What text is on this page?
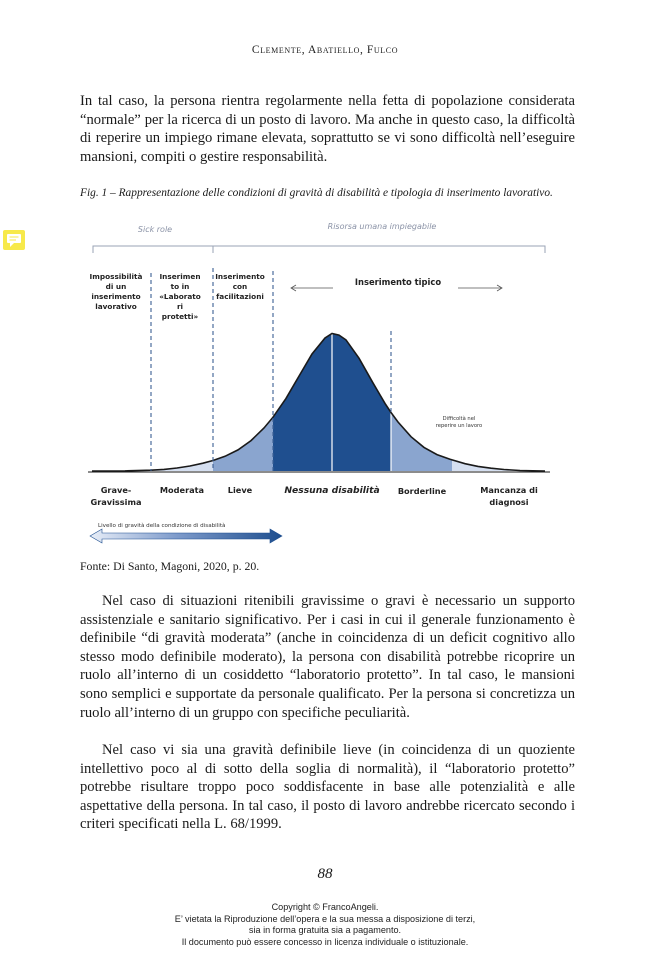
Clemente, Abatiello, Fulco
In tal caso, la persona rientra regolarmente nella fetta di popolazione considerata “normale” per la ricerca di un posto di lavoro. Ma anche in questo caso, la difficoltà di reperire un impiego rimane elevata, soprattutto se vi sono difficoltà nell’eseguire mansioni, compiti o gestire responsabilità.
Fig. 1 – Rappresentazione delle condizioni di gravità di disabilità e tipologia di inserimento lavorativo.
Sick role	Risorsa umana impiegabile
Impossibilità
di un
inserimento
lavorativo
Inserimen
to in
«Laborato
ri
protetti»
Inserimento
con
facilitazioni
Inserimento tipico
Difficoltà nel
reperire un lavoro
Grave-
Gravissima
Moderata	Lieve	Nessuna disabilità Borderline	Mancanza di
diagnosi
Livello di gravità della condizione di disabilità
Fonte: Di Santo, Magoni, 2020, p. 20.
Nel caso di situazioni ritenibili gravissime o gravi è necessario un supporto assistenziale e sanitario significativo. Per i casi in cui il generale funzionamento è definibile “di gravità moderata” (anche in coincidenza di un deficit cognitivo allo stesso modo definibile moderato), la persona con disabilità potrebbe ricoprire un ruolo all’interno di un cosiddetto “laboratorio protetto”. In tal caso, le mansioni sono semplici e supportate da personale qualificato. Per la persona si concretizza un ruolo all’interno di un gruppo con specifiche peculiarità.
Nel caso vi sia una gravità definibile lieve (in coincidenza di un quoziente intellettivo poco al di sotto della soglia di normalità), il “laboratorio protetto” potrebbe risultare troppo poco soddisfacente in base alle potenzialità e alle aspettative della persona. In tal caso, il posto di lavoro andrebbe ricercato secondo i criteri specificati nella L. 68/1999.
88
Copyright © FrancoAngeli.
E’ vietata la Riproduzione dell’opera e la sua messa a disposizione di terzi,
sia in forma gratuita sia a pagamento.
Il documento può essere concesso in licenza individuale o istituzionale.
